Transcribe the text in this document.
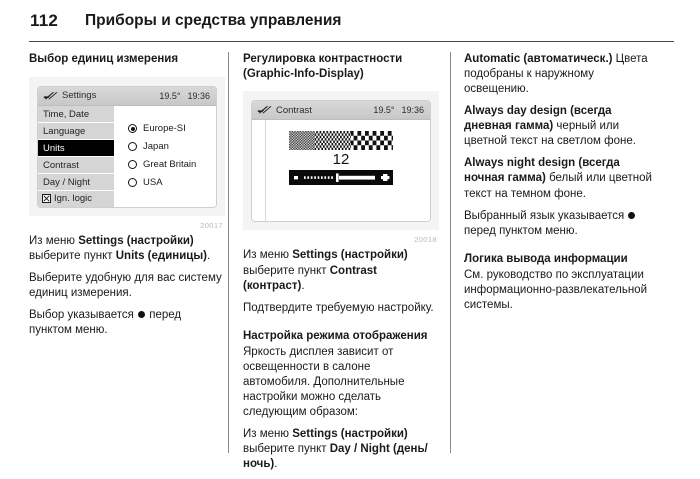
112 Приборы и средства управления
Выбор единиц измерения
Settings	19.5° 19:36
Time, Date
Language
Units
Contrast
Day / Night
Ign. logic
Europe-SI
Japan
Great Britain
USA
20017

Из меню Settings (настройки) выберите пункт Units (единицы).

Выберите удобную для вас систему единиц измерения.

Выбор указывается  перед пунктом меню.

Регулировка контрастности
(Graphic-Info-Display)
Contrast	19.5° 19:36
12
20018

Из меню Settings (настройки) выберите пункт Contrast (контраст).

Подтвердите требуемую настройку.

Настройка режима отображения

Яркость дисплея зависит от освещенности в салоне автомобиля. Дополнительные настройки можно сделать следующим образом:

Из меню Settings (настройки) выберите пункт Day / Night (день/ночь).

Automatic (автоматическ.) Цвета подобраны к наружному освещению.

Always day design (всегда дневная гамма) черный или цветной текст на светлом фоне.

Always night design (всегда ночная гамма) белый или цветной текст на темном фоне.

Выбранный язык указывается  перед пунктом меню.

Логика вывода информации

См. руководство по эксплуатации информационно-развлекательной системы.
